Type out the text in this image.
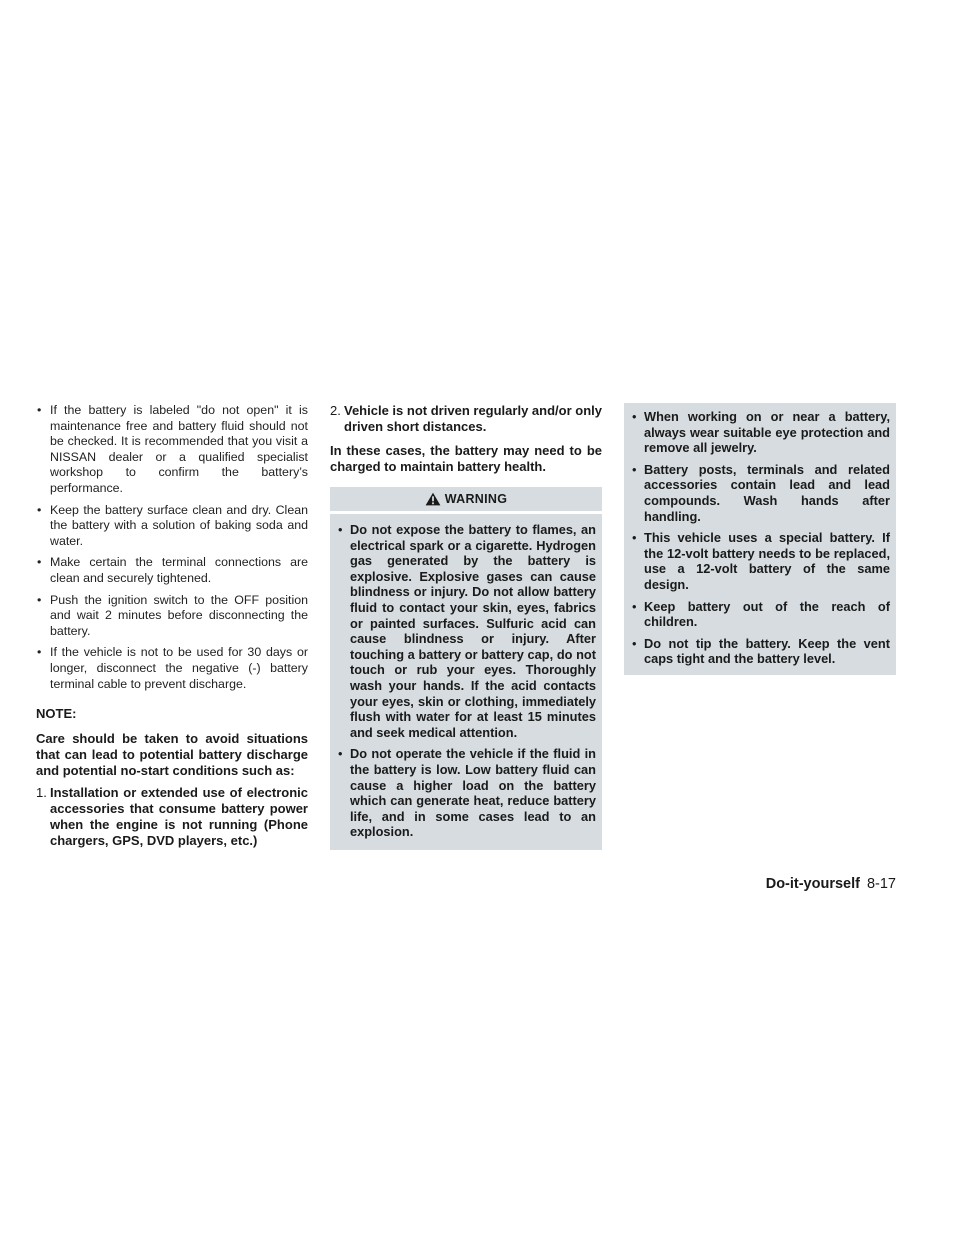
• If the battery is labeled "do not open" it is maintenance free and battery fluid should not be checked. It is recommended that you visit a NISSAN dealer or a qualified specialist workshop to confirm the battery’s performance.
• Keep the battery surface clean and dry. Clean the battery with a solution of baking soda and water.
• Make certain the terminal connections are clean and securely tightened.
• Push the ignition switch to the OFF position and wait 2 minutes before disconnecting the battery.
• If the vehicle is not to be used for 30 days or longer, disconnect the negative (-) battery terminal cable to prevent discharge.
NOTE:

Care should be taken to avoid situations that can lead to potential battery discharge and potential no-start conditions such as:

1. Installation or extended use of electronic accessories that consume battery power when the engine is not running (Phone chargers, GPS, DVD players, etc.)
2. Vehicle is not driven regularly and/or only driven short distances.

In these cases, the battery may need to be charged to maintain battery health.

WARNING
• Do not expose the battery to flames, an electrical spark or a cigarette. Hydrogen gas generated by the battery is explosive. Explosive gases can cause blindness or injury. Do not allow battery fluid to contact your skin, eyes, fabrics or painted surfaces. Sulfuric acid can cause blindness or injury. After touching a battery or battery cap, do not touch or rub your eyes. Thoroughly wash your hands. If the acid contacts your eyes, skin or clothing, immediately flush with water for at least 15 minutes and seek medical attention.
• Do not operate the vehicle if the fluid in the battery is low. Low battery fluid can cause a higher load on the battery which can generate heat, reduce battery life, and in some cases lead to an explosion.
• When working on or near a battery, always wear suitable eye protection and remove all jewelry.
• Battery posts, terminals and related accessories contain lead and lead compounds. Wash hands after handling.
• This vehicle uses a special battery. If the 12-volt battery needs to be replaced, use a 12-volt battery of the same design.
• Keep battery out of the reach of children.
• Do not tip the battery. Keep the vent caps tight and the battery level.
Do-it-yourself 8-17
